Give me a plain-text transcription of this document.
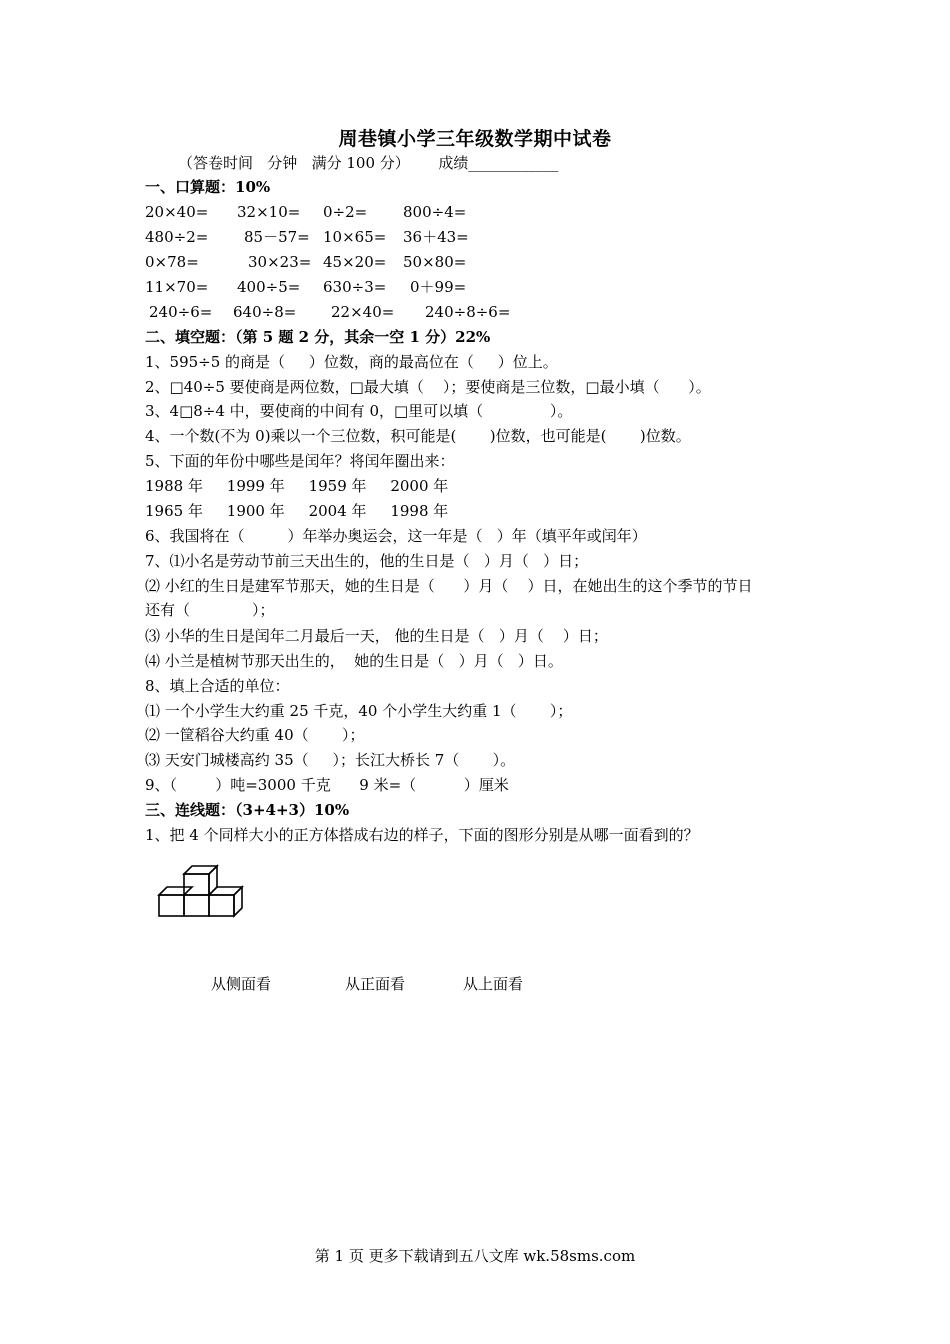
周巷镇小学三年级数学期中试卷
（答卷时间   分钟   满分 100 分）      成绩____________
一、口算题：10%
20×40= 32×10= 0÷2= 800÷4=
480÷2= 85－57= 10×65= 36＋43=
0×78=	30×23= 45×20= 50×80=
11×70= 400÷5= 630÷3= 0＋99=
240÷6= 640÷8= 22×40= 240÷8÷6=
二、填空题：（第 5 题 2 分，其余一空 1 分）22%
1、595÷5 的商是（     ）位数，商的最高位在（     ）位上。
2、□40÷5 要使商是两位数，□最大填（    ）；要使商是三位数，□最小填（      ）。
3、4□8÷4 中，要使商的中间有 0，□里可以填（              ）。
4、一个数(不为 0)乘以一个三位数，积可能是(       )位数，也可能是(       )位数。
5、下面的年份中哪些是闰年？将闰年圈出来：
1988 年     1999 年     1959 年     2000 年
1965 年     1900 年     2004 年     1998 年
6、我国将在（         ）年举办奥运会，这一年是（   ）年（填平年或闰年）
7、⑴小名是劳动节前三天出生的，他的生日是（   ）月（   ）日；
⑵ 小红的生日是建军节那天，她的生日是（      ）月（    ）日，在她出生的这个季节的节日
还有（             ）；
⑶ 小华的生日是闰年二月最后一天， 他的生日是（   ）月（    ）日；
⑷ 小兰是植树节那天出生的，  她的生日是（   ）月（   ）日。
8、填上合适的单位：
⑴ 一个小学生大约重 25 千克，40 个小学生大约重 1（       ）；
⑵ 一筐稻谷大约重 40（       ）；
⑶ 天安门城楼高约 35（     ）；长江大桥长 7（       ）。
9、（        ）吨=3000 千克      9 米=（          ）厘米
三、连线题：（3+4+3）10%
1、把 4 个同样大小的正方体搭成右边的样子，下面的图形分别是从哪一面看到的？
从侧面看	从正面看	从上面看
第 1 页 更多下载请到五八文库 wk.58sms.com
